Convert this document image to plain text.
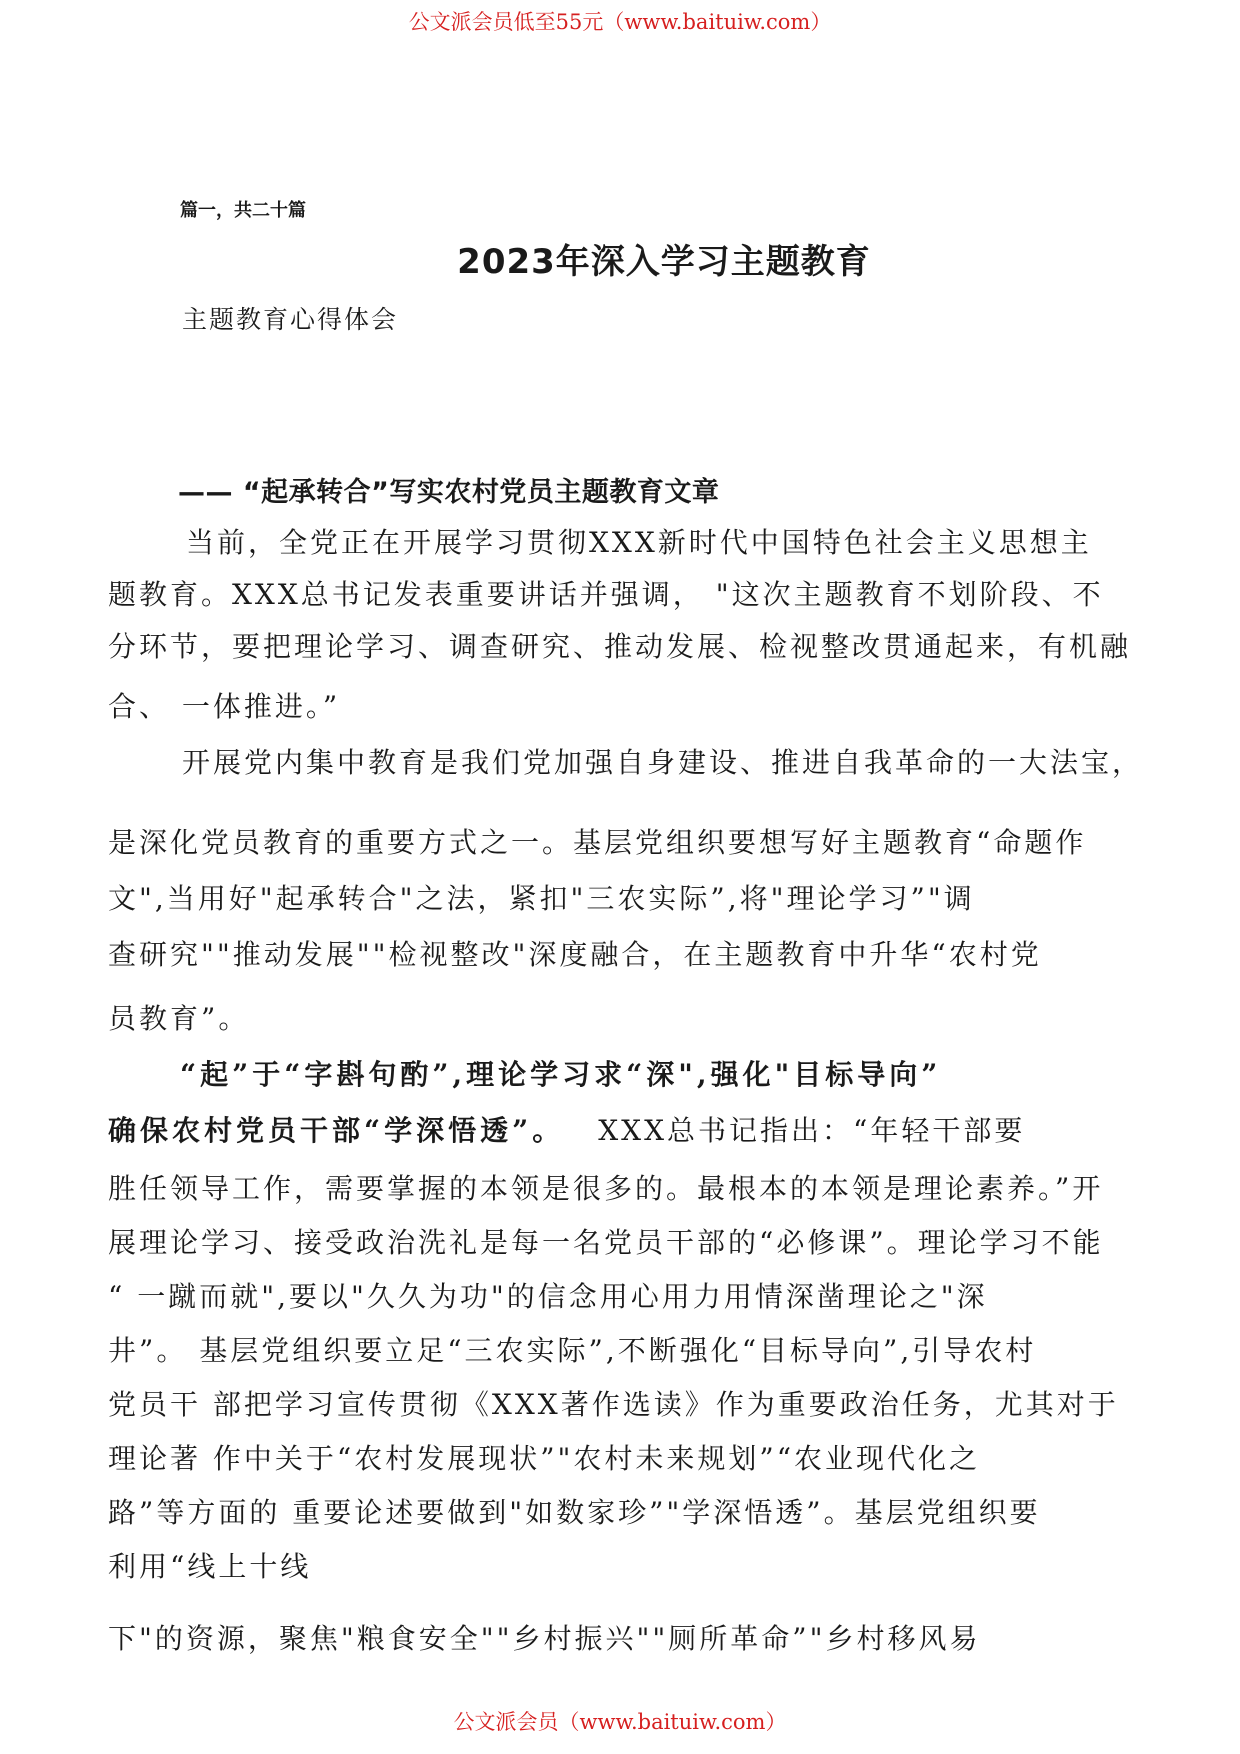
公文派会员低至55元（www.baituiw.com）
篇一，共二十篇
2023年深入学习主题教育
主题教育心得体会
—— “起承转合”写实农村党员主题教育文章
当前，全党正在开展学习贯彻XXX新时代中国特色社会主义思想主
题教育。XXX总书记发表重要讲话并强调， "这次主题教育不划阶段、不
分环节，要把理论学习、调查研究、推动发展、检视整改贯通起来，有机融
合、 一体推进。”
开展党内集中教育是我们党加强自身建设、推进自我革命的一大法宝，
是深化党员教育的重要方式之一。基层党组织要想写好主题教育“命题作
文",当用好"起承转合"之法，紧扣"三农实际”,将"理论学习”"调
查研究""推动发展""检视整改"深度融合，在主题教育中升华“农村党
员教育”。
“起”于“字斟句酌”,理论学习求“深",强化"目标导向”
确保农村党员干部“学深悟透”。 XXX总书记指出：“年轻干部要
胜任领导工作，需要掌握的本领是很多的。最根本的本领是理论素养。”开
展理论学习、接受政治洗礼是每一名党员干部的“必修课”。理论学习不能
“ 一蹴而就",要以"久久为功"的信念用心用力用情深凿理论之"深
井”。 基层党组织要立足“三农实际”,不断强化“目标导向”,引导农村
党员干 部把学习宣传贯彻《XXX著作选读》作为重要政治任务，尤其对于
理论著 作中关于“农村发展现状”"农村未来规划”“农业现代化之
路”等方面的 重要论述要做到"如数家珍”"学深悟透”。基层党组织要
利用“线上十线
下"的资源，聚焦"粮食安全""乡村振兴""厕所革命”"乡村移风易
公文派会员（www.baituiw.com）
